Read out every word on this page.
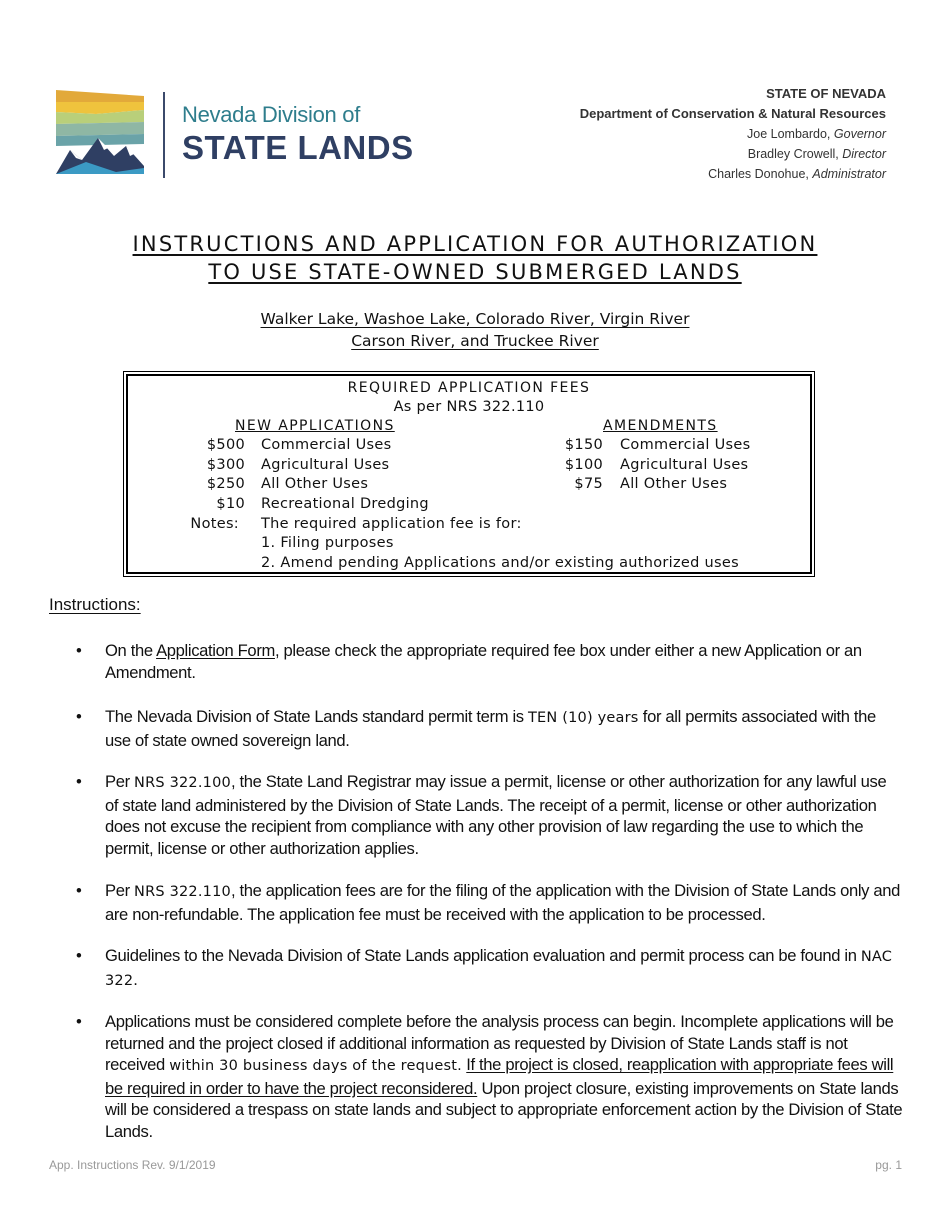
Nevada Division of
STATE LANDS
STATE OF NEVADA
Department of Conservation & Natural Resources
Joe Lombardo, Governor
Bradley Crowell, Director
Charles Donohue, Administrator
INSTRUCTIONS AND APPLICATION FOR AUTHORIZATION
TO USE STATE-OWNED SUBMERGED LANDS
Walker Lake, Washoe Lake, Colorado River, Virgin River
Carson River, and Truckee River
REQUIRED APPLICATION FEES
As per NRS 322.110
NEW APPLICATIONS	AMENDMENTS
$500 Commercial Uses	$150 Commercial Uses
$300 Agricultural Uses	$100 Agricultural Uses
$250 All Other Uses	$75 All Other Uses
$10 Recreational Dredging
Notes: The required application fee is for:
1. Filing purposes
2. Amend pending Applications and/or existing authorized uses
Instructions:
•	On the Application Form, please check the appropriate required fee box under either a new Application or an Amendment.
•	The Nevada Division of State Lands standard permit term is TEN (10) years for all permits associated with the use of state owned sovereign land.
•	Per NRS 322.100, the State Land Registrar may issue a permit, license or other authorization for any lawful use of state land administered by the Division of State Lands. The receipt of a permit, license or other authorization does not excuse the recipient from compliance with any other provision of law regarding the use to which the permit, license or other authorization applies.
•	Per NRS 322.110, the application fees are for the filing of the application with the Division of State Lands only and are non-refundable. The application fee must be received with the application to be processed.
•	Guidelines to the Nevada Division of State Lands application evaluation and permit process can be found in NAC 322.
•	Applications must be considered complete before the analysis process can begin. Incomplete applications will be returned and the project closed if additional information as requested by Division of State Lands staff is not received within 30 business days of the request. If the project is closed, reapplication with appropriate fees will be required in order to have the project reconsidered. Upon project closure, existing improvements on State lands will be considered a trespass on state lands and subject to appropriate enforcement action by the Division of State Lands.
App. Instructions Rev. 9/1/2019	pg. 1
